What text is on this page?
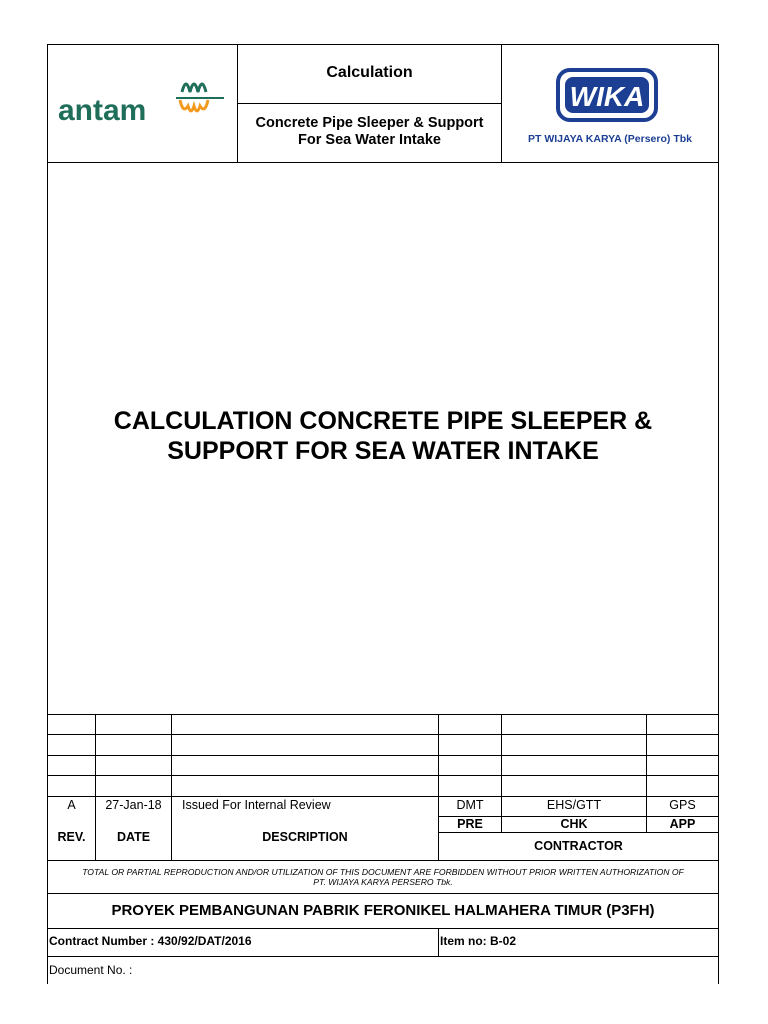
antam
Calculation
Concrete Pipe Sleeper & Support
For Sea Water Intake
WIKA
PT WIJAYA KARYA (Persero) Tbk
CALCULATION CONCRETE PIPE SLEEPER &
SUPPORT FOR SEA WATER INTAKE
A	27-Jan-18	Issued For Internal Review	DMT	EHS/GTT	GPS
REV.	DATE	DESCRIPTION
PRE	CHK	APP
CONTRACTOR
TOTAL OR PARTIAL REPRODUCTION AND/OR UTILIZATION OF THIS DOCUMENT ARE FORBIDDEN WITHOUT PRIOR WRITTEN AUTHORIZATION OF
PT. WIJAYA KARYA PERSERO Tbk.
PROYEK PEMBANGUNAN PABRIK FERONIKEL HALMAHERA TIMUR (P3FH)
Contract Number : 430/92/DAT/2016	Item no: B-02
Document No. :
